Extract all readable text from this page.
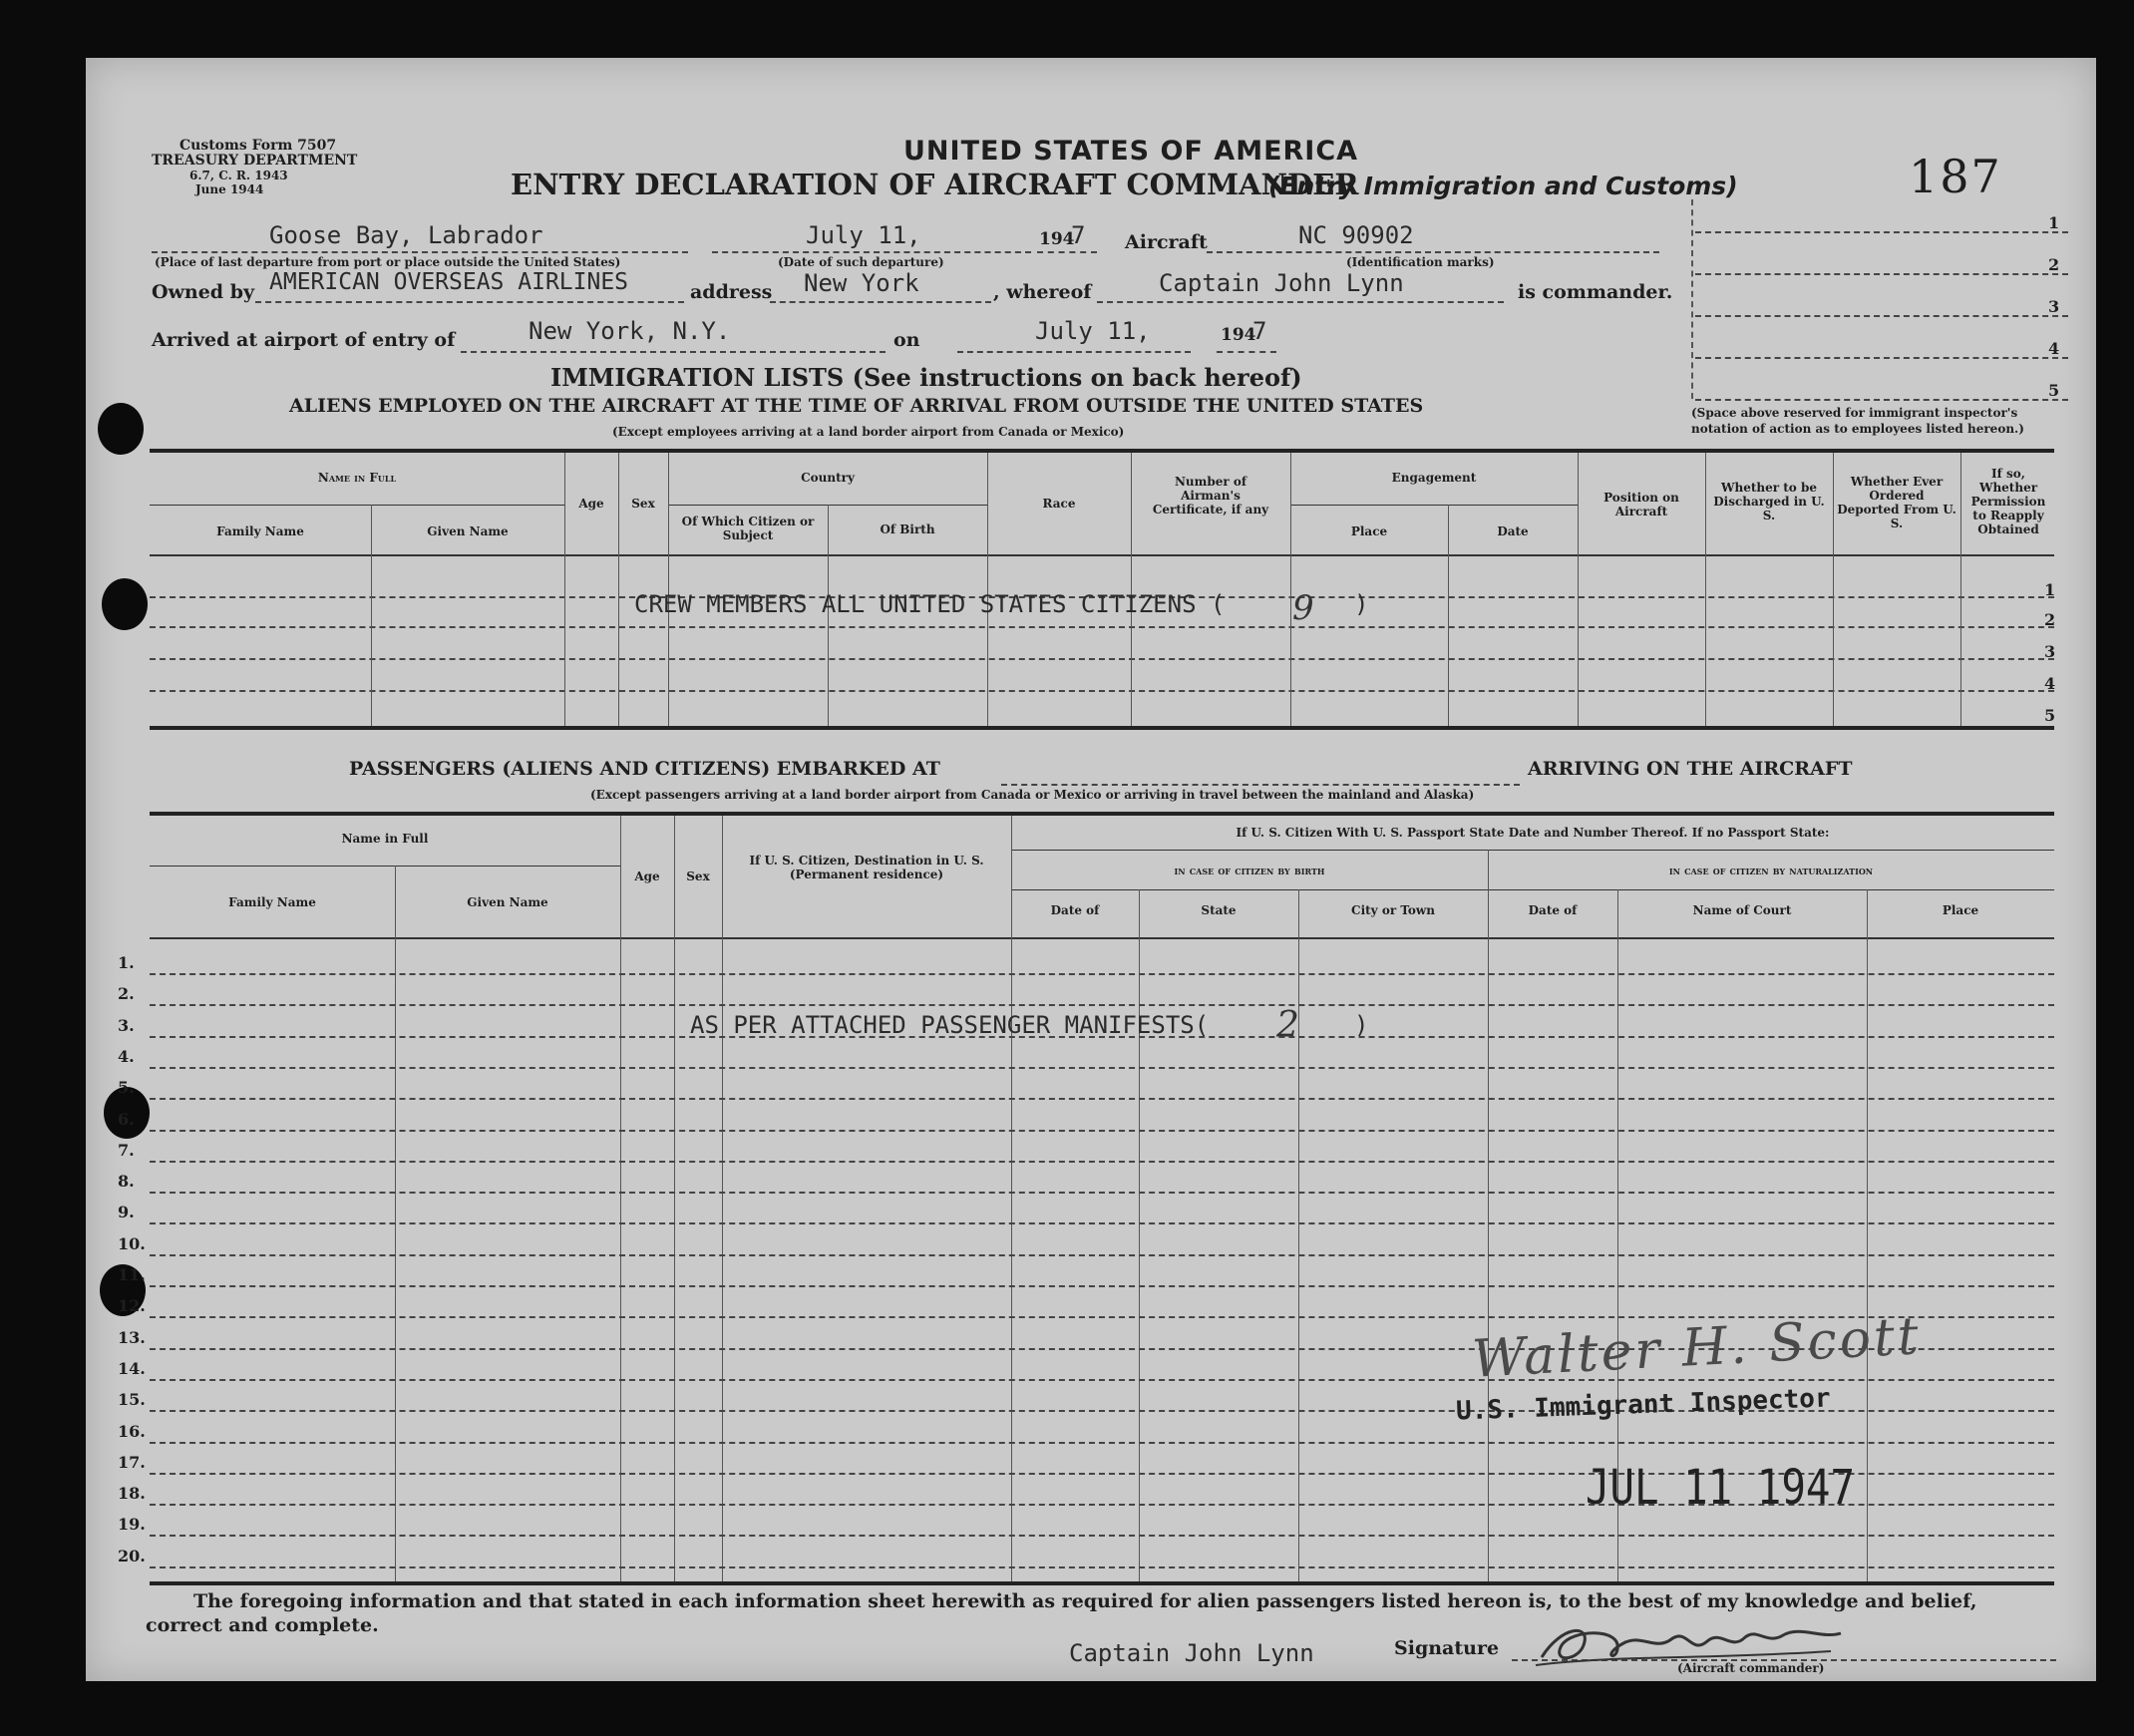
Customs Form 7507
TREASURY DEPARTMENT
6.7, C. R. 1943
June 1944
UNITED STATES OF AMERICA
ENTRY DECLARATION OF AIRCRAFT COMMANDER
(Entry Immigration and Customs)	187
Goose Bay, Labrador
(Place of last departure from port or place outside the United States)
July 11,
(Date of such departure)
194
7 Aircraft	NC 90902
(Identification marks)
Owned by AMERICAN OVERSEAS AIRLINES	address New York	, whereof	Captain John Lynn	is commander.
Arrived at airport of entry of	New York, N.Y.	on	July 11,	194
7
1
2
3
4
5
(Space above reserved for immigrant inspector's notation of action as to employees listed hereon.)
IMMIGRATION LISTS (See instructions on back hereof)
ALIENS EMPLOYED ON THE AIRCRAFT AT THE TIME OF ARRIVAL FROM OUTSIDE THE UNITED STATES
(Except employees arriving at a land border airport from Canada or Mexico)
Name in Full
Family Name	Given Name
Age	Sex
Country
Of Which Citizen or Subject	Of Birth
Race
Number of Airman's Certificate, if any
Engagement
Place	Date
Position on Aircraft
Whether to be Discharged in U. S.
Whether Ever Ordered Deported From U. S.
If so, Whether Permission to Reapply Obtained
1
2
3
4
5
CREW MEMBERS ALL UNITED STATES CITIZENS ( 9 )
PASSENGERS (ALIENS AND CITIZENS) EMBARKED AT	ARRIVING ON THE AIRCRAFT
(Except passengers arriving at a land border airport from Canada or Mexico or arriving in travel between the mainland and Alaska)
Name in Full
Family Name	Given Name
Age	Sex
If U. S. Citizen, Destination in U. S. (Permanent residence)
If U. S. Citizen With U. S. Passport State Date and Number Thereof. If no Passport State:
in case of citizen by birth	in case of citizen by naturalization
Date of	State	City or Town	Date of	Name of Court	Place
1.
2.
3.
4.
5.
6.
7.
8.
9.
10.
11.
12.
13.
14.
15.
16.
17.
18.
19.
20.
AS PER ATTACHED PASSENGER MANIFESTS( 2 )
Walter H. Scott
U.S. Immigrant Inspector
JUL 11 1947
The foregoing information and that stated in each information sheet herewith as required for alien passengers listed hereon is, to the best of my knowledge and belief, correct and complete.
Captain John Lynn	Signature
(Aircraft commander)
